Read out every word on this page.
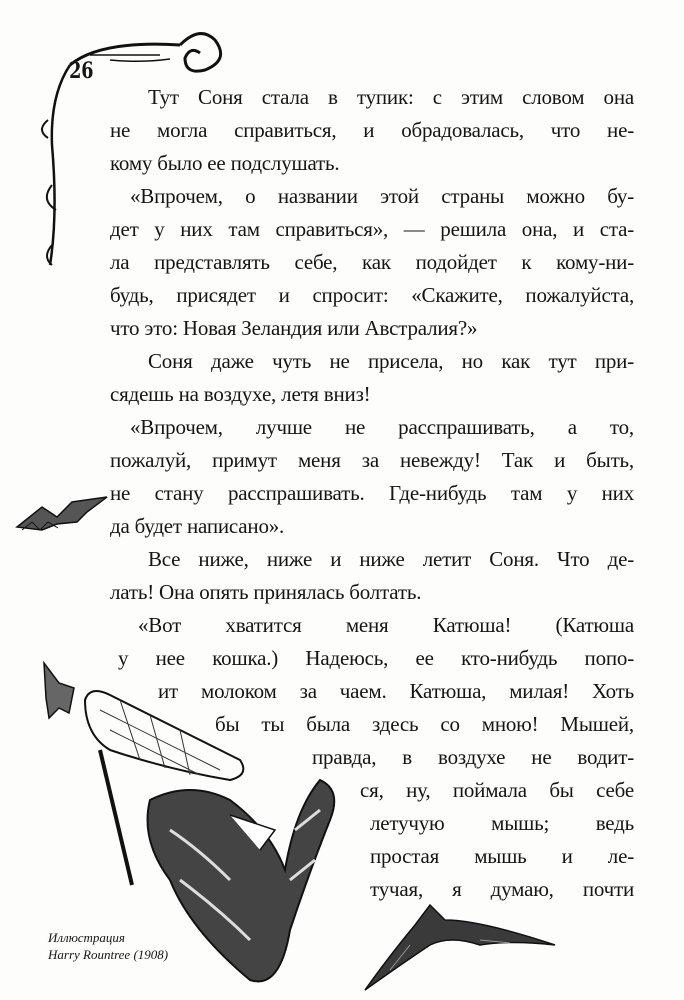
26
Тут Соня стала в тупик: с этим словом она
не могла справиться, и обрадовалась, что не-
кому было ее подслушать.
«Впрочем, о названии этой страны можно бу-
дет у них там справиться», — решила она, и ста-
ла представлять себе, как подойдет к кому-ни-
будь, присядет и спросит: «Скажите, пожалуйста,
что это: Новая Зеландия или Австралия?»
Соня даже чуть не присела, но как тут при-
сядешь на воздухе, летя вниз!
«Впрочем, лучше не расспрашивать, а то,
пожалуй, примут меня за невежду! Так и быть,
не стану расспрашивать. Где-нибудь там у них
да будет написано».
Все ниже, ниже и ниже летит Соня. Что де-
лать! Она опять принялась болтать.
«Вот хватится меня Катюша! (Катюша
у нее кошка.) Надеюсь, ее кто-нибудь попо-
ит молоком за чаем. Катюша, милая! Хоть
бы ты была здесь со мною! Мышей,
правда, в воздухе не водит-
ся, ну, поймала бы себе
летучую мышь; ведь
простая мышь и ле-
тучая, я думаю, почти
Иллюстрация
Harry Rountree (1908)
